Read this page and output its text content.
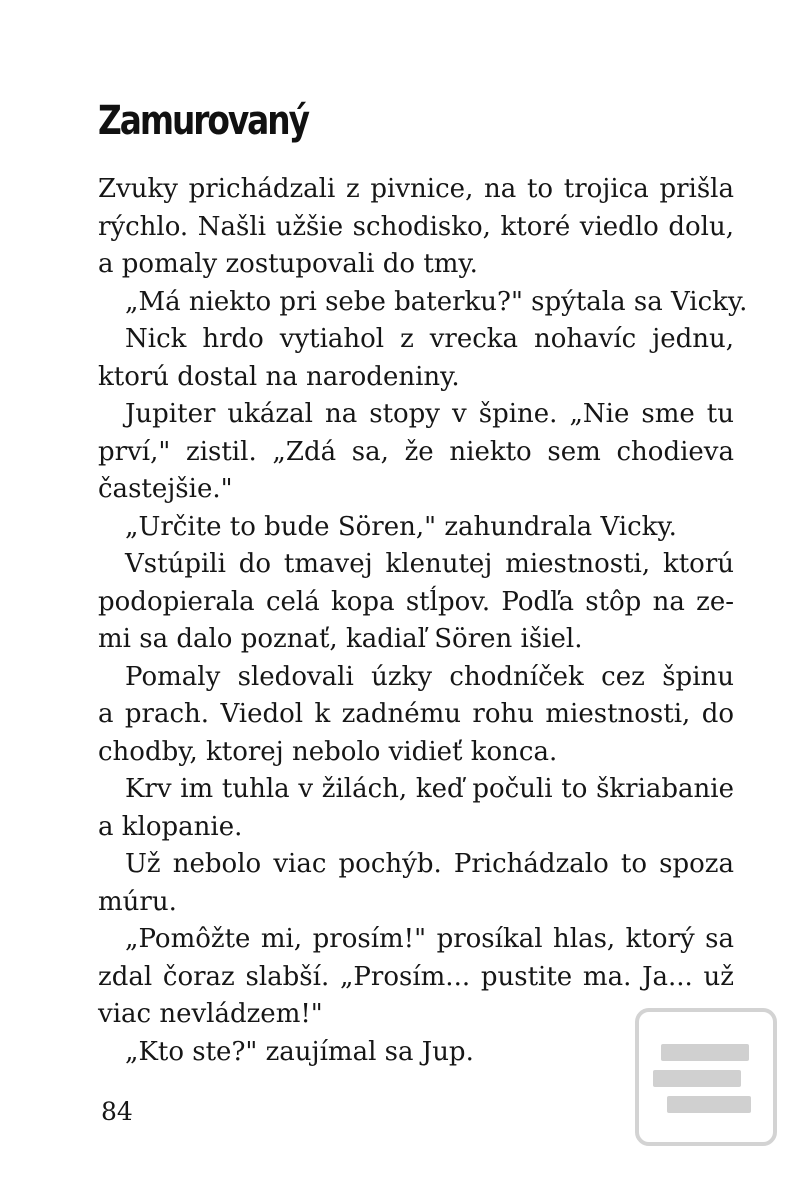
Zamurovaný
Zvuky prichádzali z pivnice, na to trojica prišla
rýchlo. Našli užšie schodisko, ktoré viedlo dolu,
a pomaly zostupovali do tmy.
„Má niekto pri sebe baterku?" spýtala sa Vicky.
Nick hrdo vytiahol z vrecka nohavíc jednu,
ktorú dostal na narodeniny.
Jupiter ukázal na stopy v špine. „Nie sme tu
prví," zistil. „Zdá sa, že niekto sem chodieva
častejšie."
„Určite to bude Sören," zahundrala Vicky.
Vstúpili do tmavej klenutej miestnosti, ktorú
podopierala celá kopa stĺpov. Podľa stôp na ze-
mi sa dalo poznať, kadiaľ Sören išiel.
Pomaly sledovali úzky chodníček cez špinu
a prach. Viedol k zadnému rohu miestnosti, do
chodby, ktorej nebolo vidieť konca.
Krv im tuhla v žilách, keď počuli to škriabanie
a klopanie.
Už nebolo viac pochýb. Prichádzalo to spoza
múru.
„Pomôžte mi, prosím!" prosíkal hlas, ktorý sa
zdal čoraz slabší. „Prosím... pustite ma. Ja... už
viac nevládzem!"
„Kto ste?" zaujímal sa Jup.
84
